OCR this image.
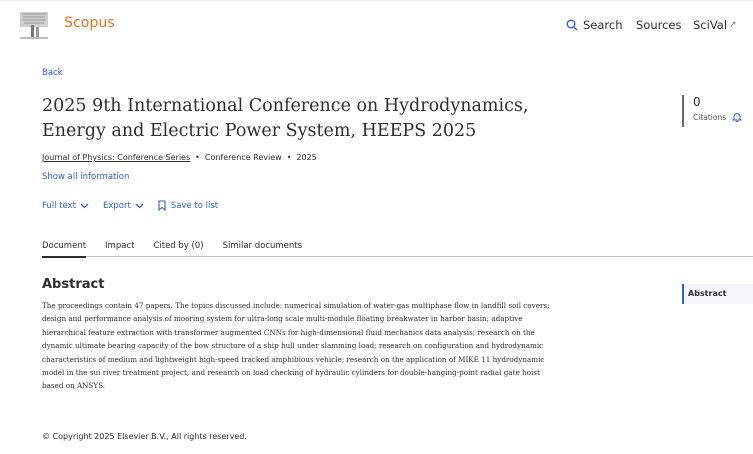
Scopus	Search Sources SciVal ↗
Back
2025 9th International Conference on Hydrodynamics, Energy and Electric Power System, HEEPS 2025
0
Citations
Journal of Physics: Conference Series • Conference Review • 2025
Show all information
Full text	Export	Save to list
Document Impact Cited by (0) Similar documents
Abstract

The proceedings contain 47 papers. The topics discussed include: numerical simulation of water-gas multiphase flow in landfill soil covers; design and performance analysis of mooring system for ultra-long scale multi-module floating breakwater in harbor basin; adaptive hierarchical feature extraction with transformer augmented CNNs for high-dimensional fluid mechanics data analysis; research on the dynamic ultimate bearing capacity of the bow structure of a ship hull under slamming load; research on configuration and hydrodynamic characteristics of medium and lightweight high-speed tracked amphibious vehicle; research on the application of MIKE 11 hydrodynamic model in the sui river treatment project; and research on load checking of hydraulic cylinders for double-hanging-point radial gate hoist based on ANSYS.

Abstract
© Copyright 2025 Elsevier B.V., All rights reserved.
